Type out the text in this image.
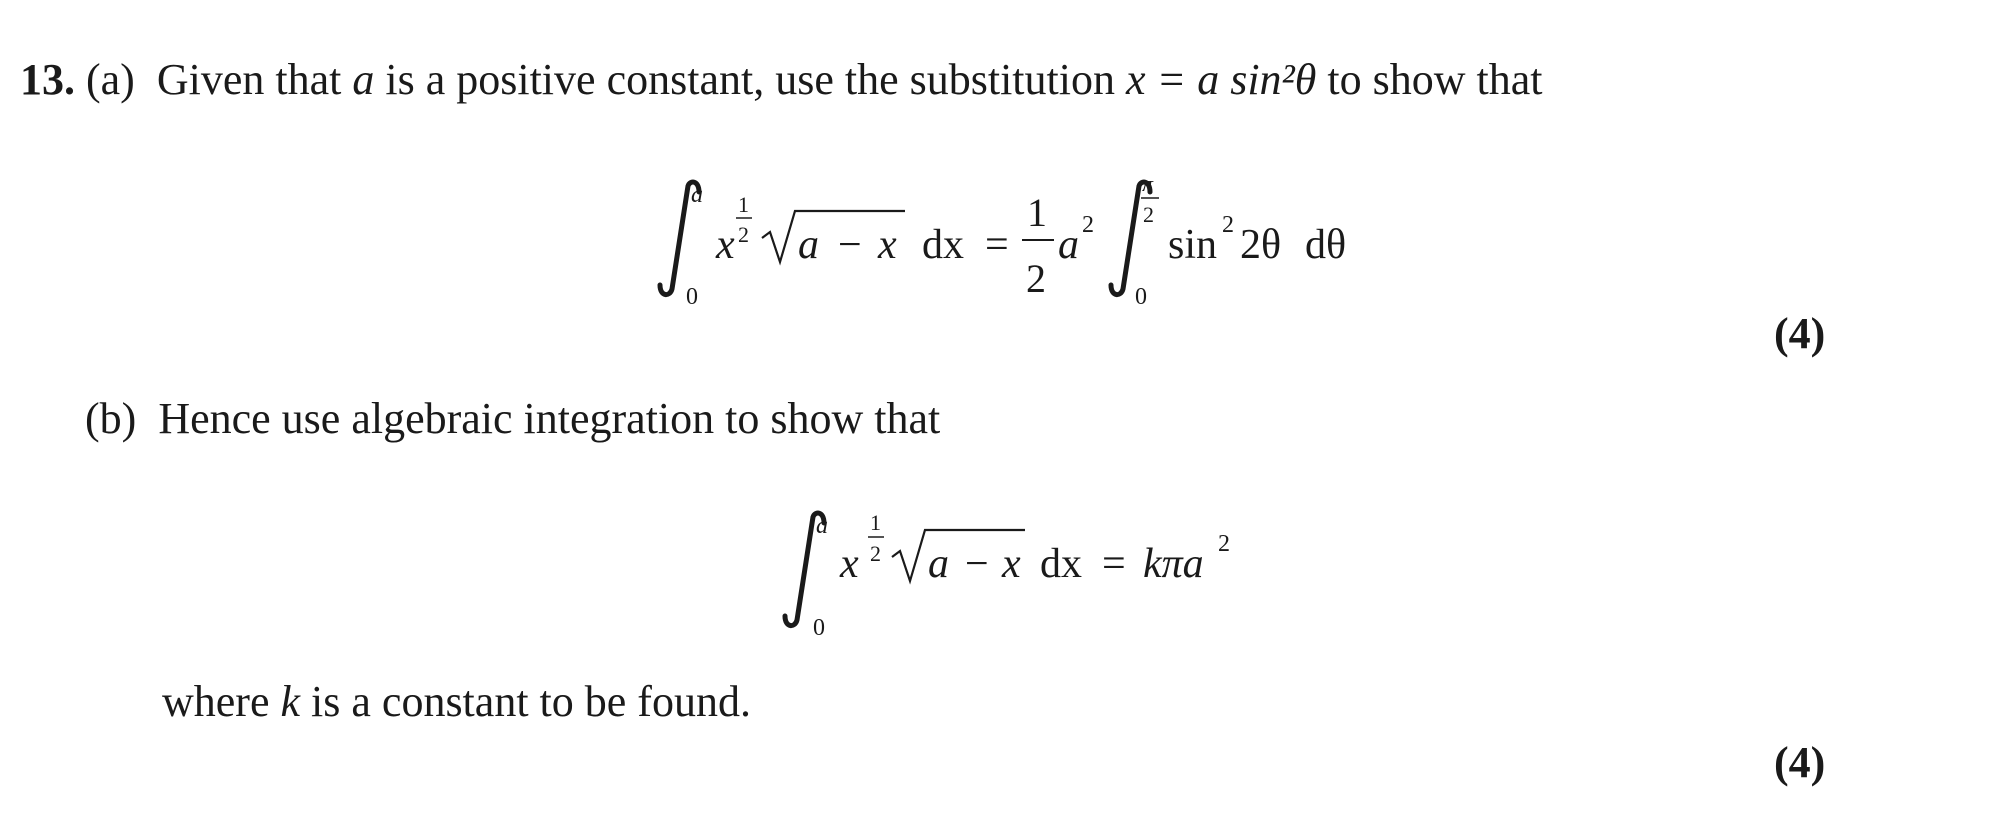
13. (a) Given that a is a positive constant, use the substitution x = a sin²θ to show that
a
0
1
2
x a − x dx =
1
2
a 2
π
2
0
sin 2 2θ dθ
a
0
1
2
x a − x dx = kπa 2
(4)
(b) Hence use algebraic integration to show that
where k is a constant to be found.
(4)
